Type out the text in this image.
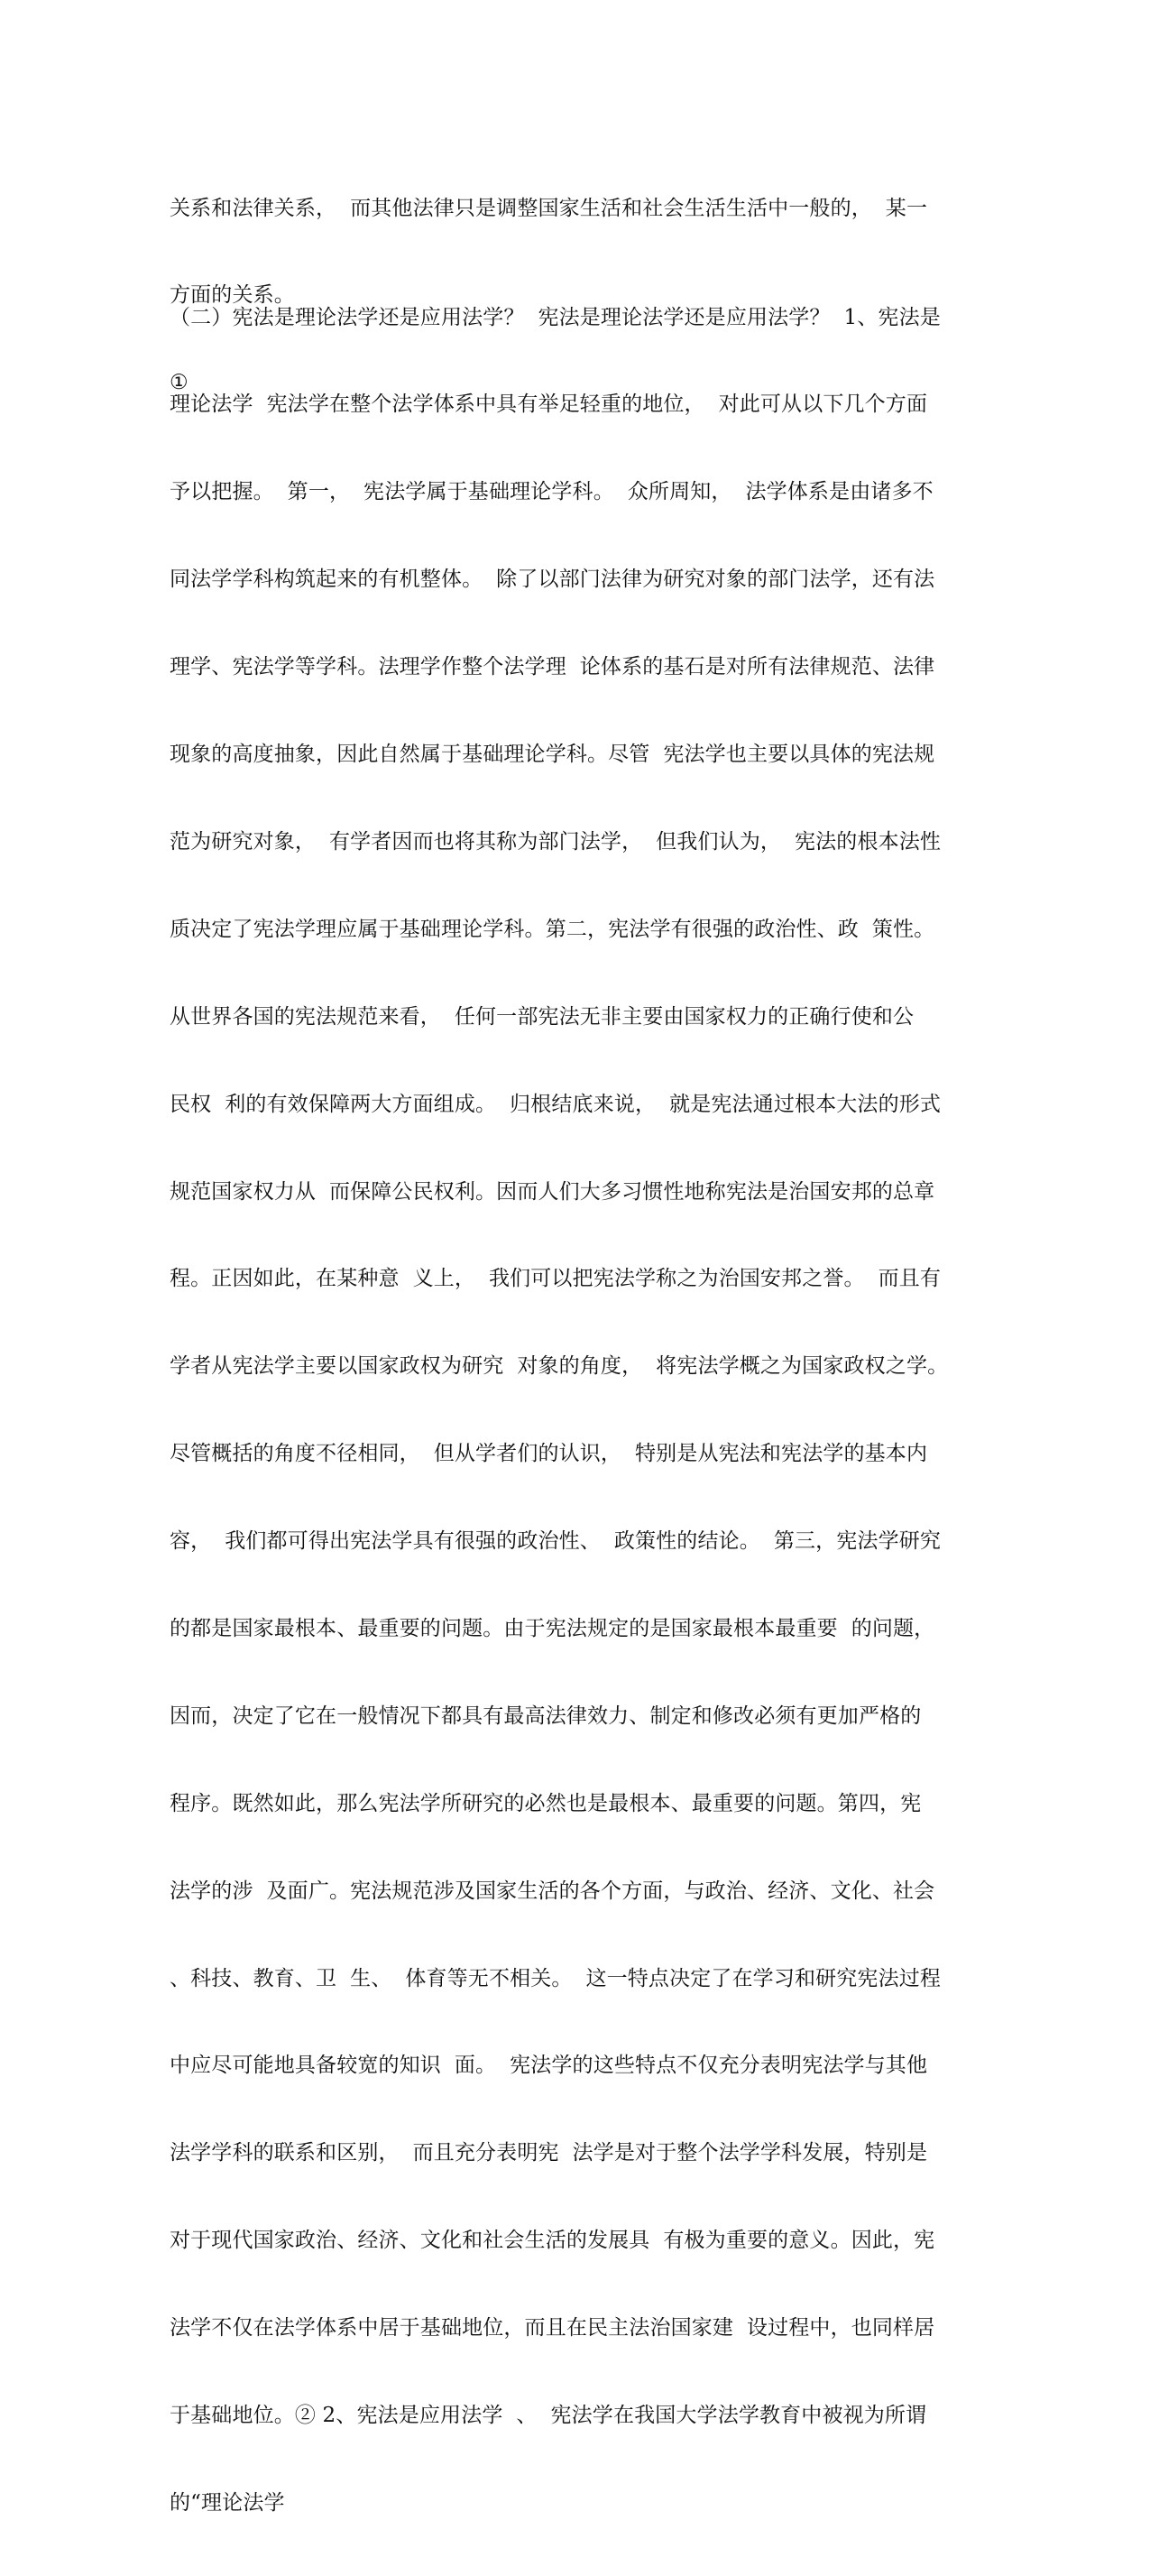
关系和法律关系，  而其他法律只是调整国家生活和社会生活生活中一般的，  某一

方面的关系。

①

（二）宪法是理论法学还是应用法学？  宪法是理论法学还是应用法学？  1、宪法是

理论法学  宪法学在整个法学体系中具有举足轻重的地位，  对此可从以下几个方面

予以把握。  第一，  宪法学属于基础理论学科。  众所周知，  法学体系是由诸多不

同法学学科构筑起来的有机整体。  除了以部门法律为研究对象的部门法学，还有法

理学、宪法学等学科。法理学作整个法学理  论体系的基石是对所有法律规范、法律

现象的高度抽象，因此自然属于基础理论学科。尽管  宪法学也主要以具体的宪法规

范为研究对象，  有学者因而也将其称为部门法学，  但我们认为，  宪法的根本法性

质决定了宪法学理应属于基础理论学科。第二，宪法学有很强的政治性、政  策性。

从世界各国的宪法规范来看，  任何一部宪法无非主要由国家权力的正确行使和公

民权  利的有效保障两大方面组成。  归根结底来说，  就是宪法通过根本大法的形式

规范国家权力从  而保障公民权利。因而人们大多习惯性地称宪法是治国安邦的总章

程。正因如此，在某种意  义上，  我们可以把宪法学称之为治国安邦之誉。  而且有

学者从宪法学主要以国家政权为研究  对象的角度，  将宪法学概之为国家政权之学。

尽管概括的角度不径相同，  但从学者们的认识，  特别是从宪法和宪法学的基本内

容，  我们都可得出宪法学具有很强的政治性、  政策性的结论。  第三，宪法学研究

的都是国家最根本、最重要的问题。由于宪法规定的是国家最根本最重要  的问题，

因而，决定了它在一般情况下都具有最高法律效力、制定和修改必须有更加严格的

程序。既然如此，那么宪法学所研究的必然也是最根本、最重要的问题。第四，宪

法学的涉  及面广。宪法规范涉及国家生活的各个方面，与政治、经济、文化、社会

、科技、教育、卫  生、  体育等无不相关。  这一特点决定了在学习和研究宪法过程

中应尽可能地具备较宽的知识  面。  宪法学的这些特点不仅充分表明宪法学与其他

法学学科的联系和区别，  而且充分表明宪  法学是对于整个法学学科发展，特别是

对于现代国家政治、经济、文化和社会生活的发展具  有极为重要的意义。因此，宪

法学不仅在法学体系中居于基础地位，而且在民主法治国家建  设过程中，也同样居

于基础地位。② 2、宪法是应用法学  、  宪法学在我国大学法学教育中被视为所谓

的“理论法学
